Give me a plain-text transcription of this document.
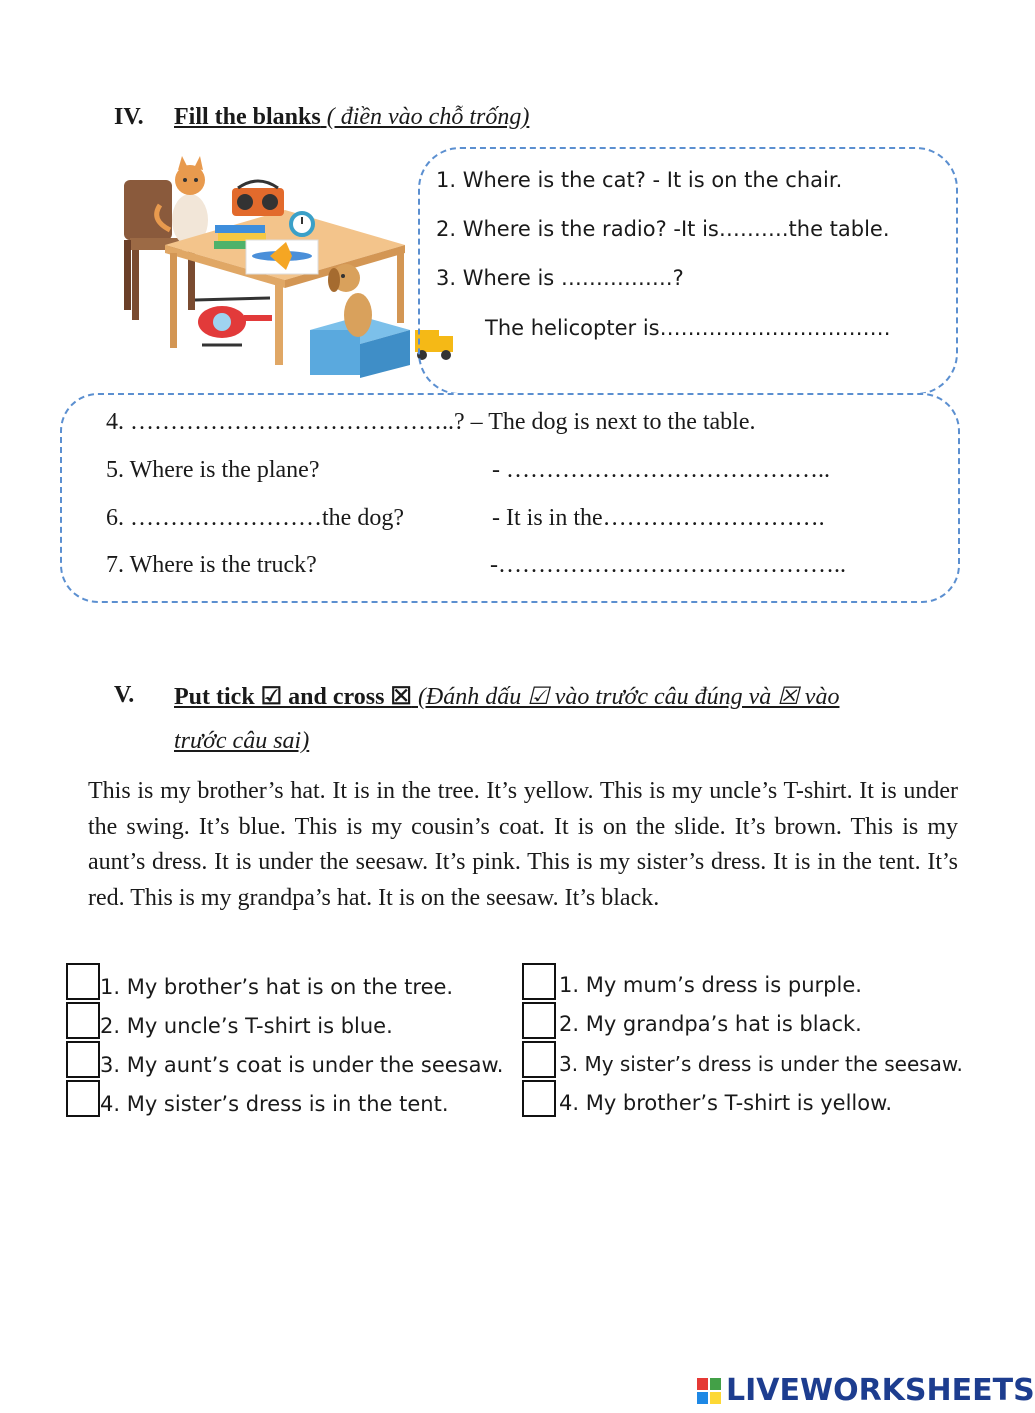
IV. Fill the blanks ( điền vào chỗ trống)
1. Where is the cat? - It is on the chair.
2. Where is the radio? -It is……….the table.
3. Where is …………….?
The helicopter is……………………………
4. …………………………………..? – The dog is next to the table.
5. Where is the plane?	- …………………………………..
6. ……………………the dog?	- It is in the……………………….
7. Where is the truck?	-……………………………………..
V. Put tick ☑ and cross ☒ (Đánh dấu ☑ vào trước câu đúng và ☒ vào
trước câu sai)
This is my brother’s hat. It is in the tree. It’s yellow. This is my uncle’s T-shirt. It is under the swing. It’s blue. This is my cousin’s coat. It is on the slide. It’s brown. This is my aunt’s dress. It is under the seesaw. It’s pink. This is my sister’s dress. It is in the tent. It’s red. This is my grandpa’s hat. It is on the seesaw. It’s black.
1. My brother’s hat is on the tree.
2. My uncle’s T-shirt is blue.
3. My aunt’s coat is under the seesaw.
4. My sister’s dress is in the tent.
1. My mum’s dress is purple.
2. My grandpa’s hat is black.
3. My sister’s dress is under the seesaw.
4. My brother’s T-shirt is yellow.
LIVEWORKSHEETS
